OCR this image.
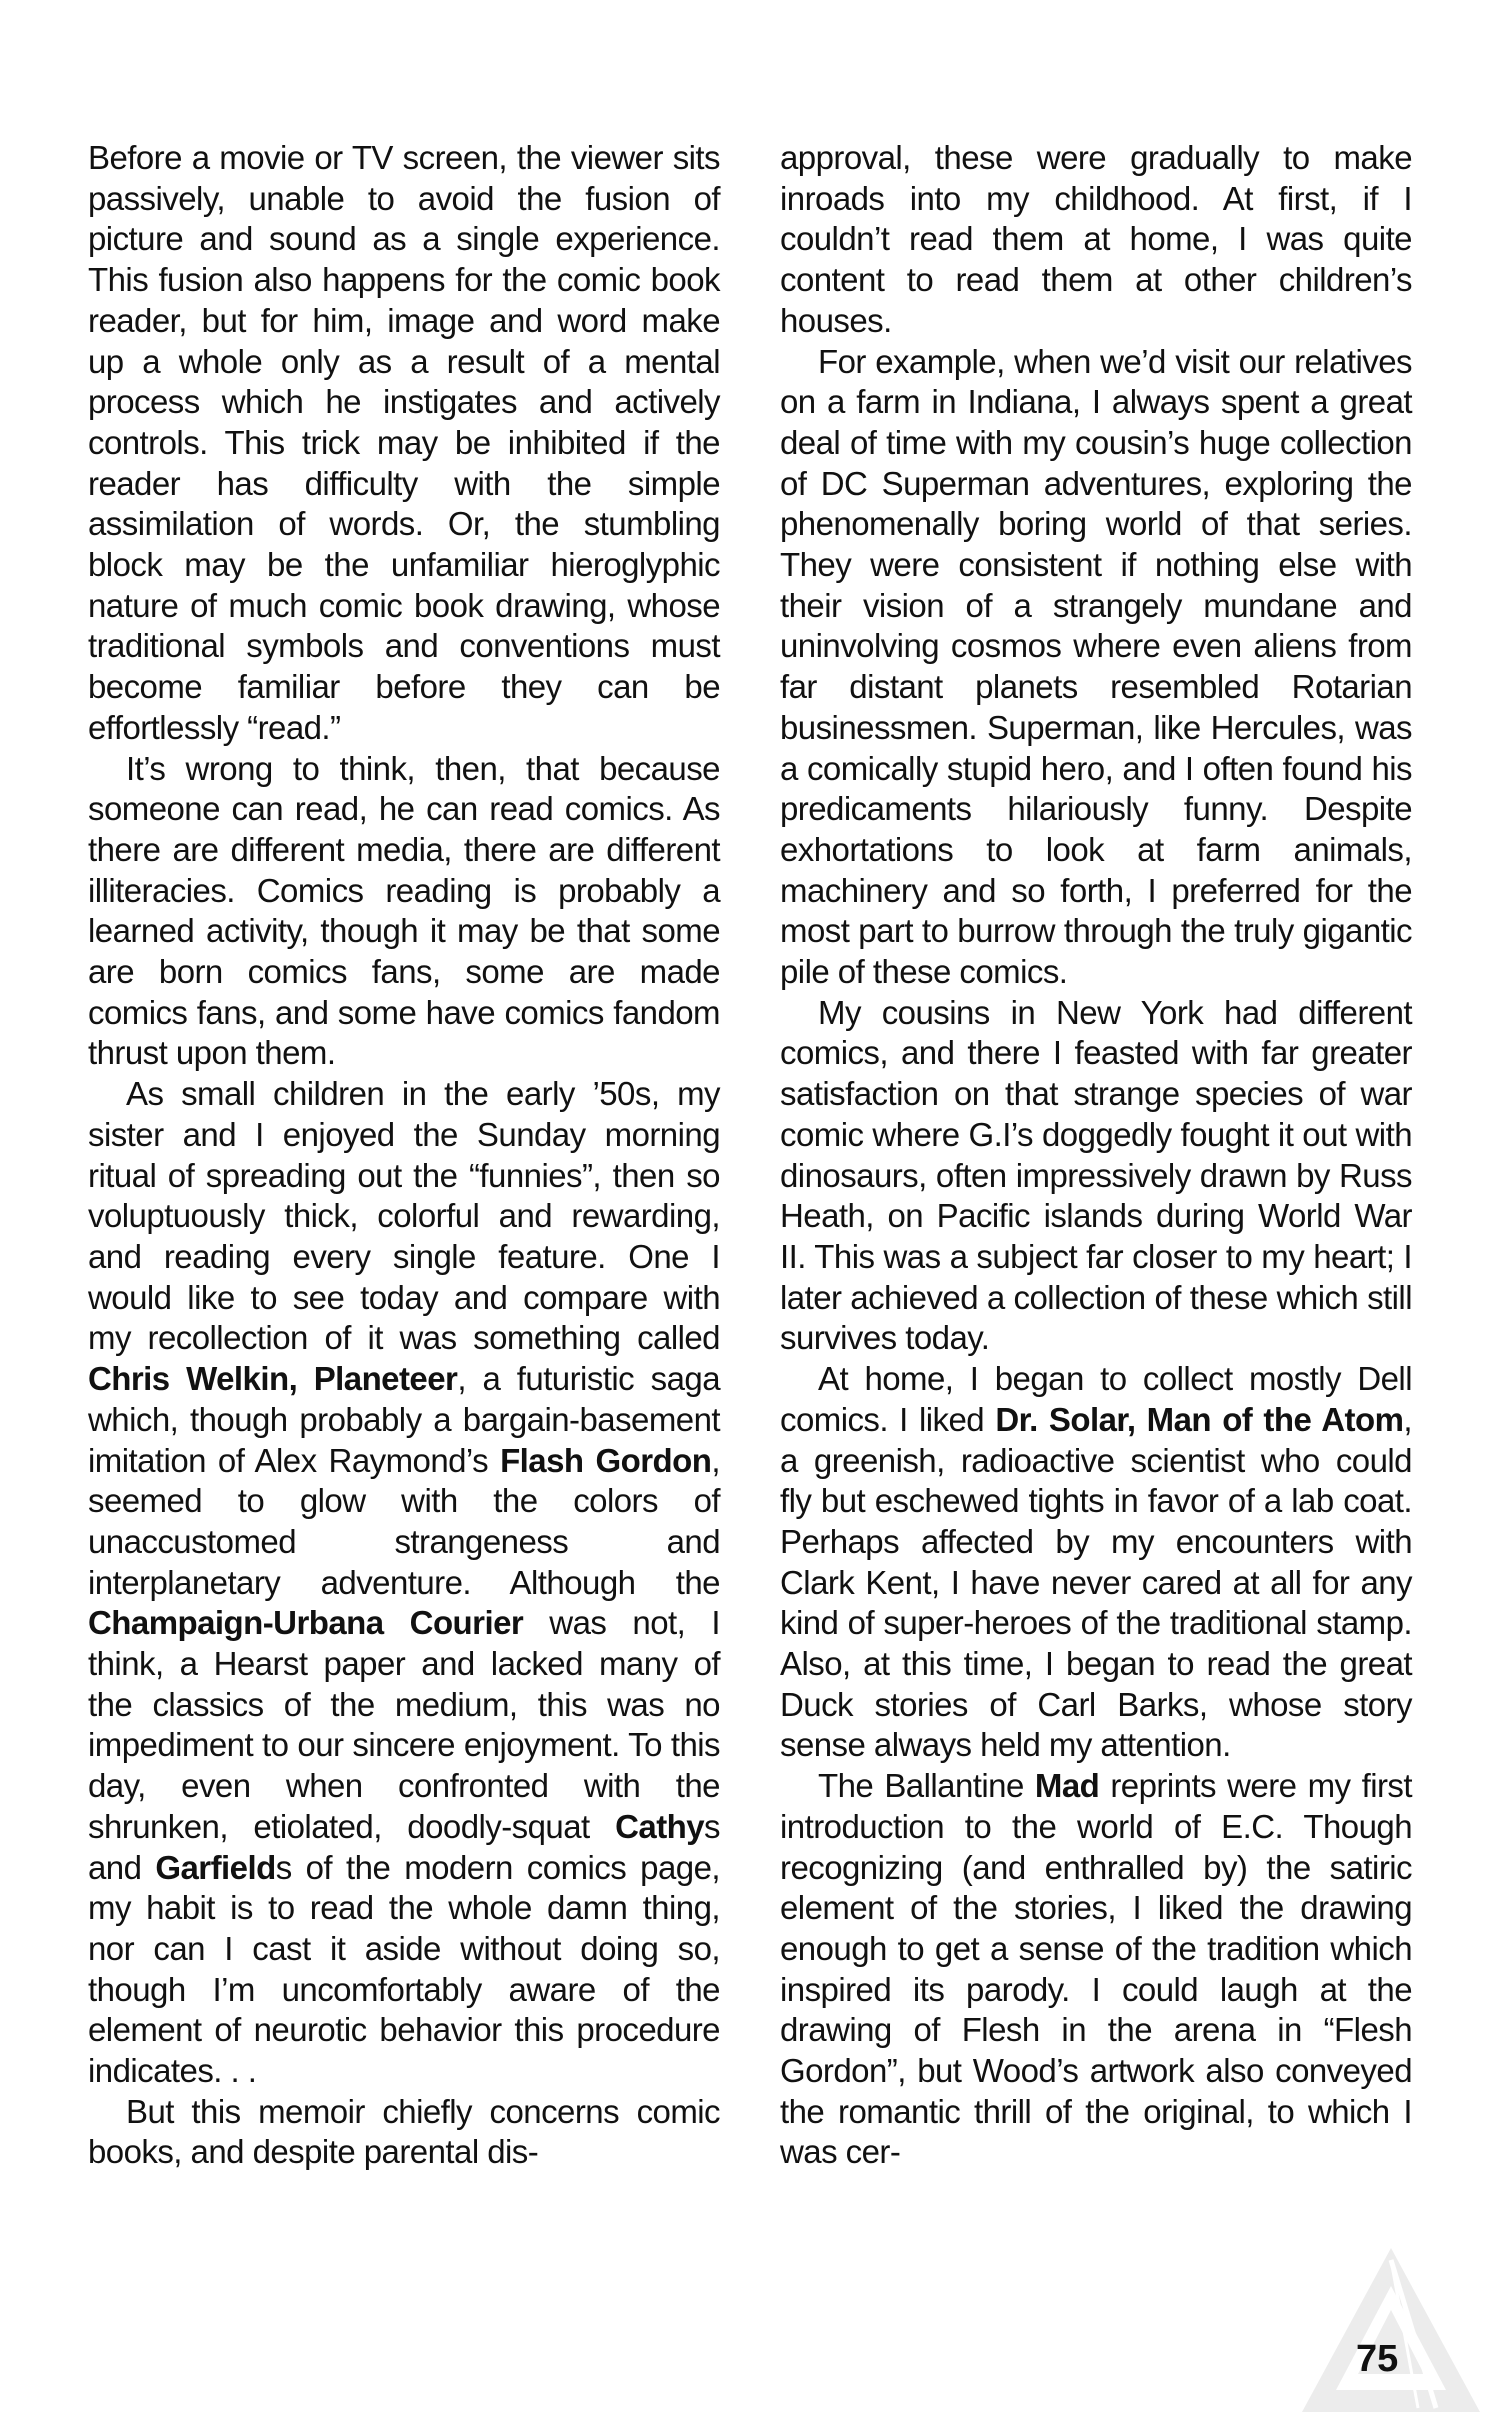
Before a movie or TV screen, the viewer sits passively, unable to avoid the fusion of picture and sound as a single experience. This fusion also happens for the comic book reader, but for him, image and word make up a whole only as a result of a mental process which he instigates and actively controls. This trick may be inhibited if the reader has difficulty with the simple assimilation of words. Or, the stumbling block may be the unfamiliar hieroglyphic nature of much comic book drawing, whose traditional symbols and conventions must become familiar before they can be effortlessly “read.”

It’s wrong to think, then, that because someone can read, he can read comics. As there are different media, there are different illiteracies. Comics reading is probably a learned activity, though it may be that some are born comics fans, some are made comics fans, and some have comics fandom thrust upon them.

As small children in the early ’50s, my sister and I enjoyed the Sunday morning ritual of spreading out the “funnies”, then so voluptuously thick, colorful and rewarding, and reading every single feature. One I would like to see today and compare with my recollection of it was something called Chris Welkin, Planeteer, a futuristic saga which, though probably a bargain-basement imitation of Alex Raymond’s Flash Gordon, seemed to glow with the colors of unaccustomed strangeness and interplanetary adventure. Although the Champaign-Urbana Courier was not, I think, a Hearst paper and lacked many of the classics of the medium, this was no impediment to our sincere enjoyment. To this day, even when confronted with the shrunken, etiolated, doodly-squat Cathys and Garfields of the modern comics page, my habit is to read the whole damn thing, nor can I cast it aside without doing so, though I’m uncomfortably aware of the element of neurotic behavior this procedure indicates. . .

But this memoir chiefly concerns comic books, and despite parental dis-

approval, these were gradually to make inroads into my childhood. At first, if I couldn’t read them at home, I was quite content to read them at other children’s houses.

For example, when we’d visit our relatives on a farm in Indiana, I always spent a great deal of time with my cousin’s huge collection of DC Superman adventures, exploring the phenomenally boring world of that series. They were consistent if nothing else with their vision of a strangely mundane and uninvolving cosmos where even aliens from far distant planets resembled Rotarian businessmen. Superman, like Hercules, was a comically stupid hero, and I often found his predicaments hilariously funny. Despite exhortations to look at farm animals, machinery and so forth, I preferred for the most part to burrow through the truly gigantic pile of these comics.

My cousins in New York had different comics, and there I feasted with far greater satisfaction on that strange species of war comic where G.I’s doggedly fought it out with dinosaurs, often impressively drawn by Russ Heath, on Pacific islands during World War II. This was a subject far closer to my heart; I later achieved a collection of these which still survives today.

At home, I began to collect mostly Dell comics. I liked Dr. Solar, Man of the Atom, a greenish, radioactive scientist who could fly but eschewed tights in favor of a lab coat. Perhaps affected by my encounters with Clark Kent, I have never cared at all for any kind of super-heroes of the traditional stamp. Also, at this time, I began to read the great Duck stories of Carl Barks, whose story sense always held my attention.

The Ballantine Mad reprints were my first introduction to the world of E.C. Though recognizing (and enthralled by) the satiric element of the stories, I liked the drawing enough to get a sense of the tradition which inspired its parody. I could laugh at the drawing of Flesh in the arena in “Flesh Gordon”, but Wood’s artwork also conveyed the romantic thrill of the original, to which I was cer-

75
